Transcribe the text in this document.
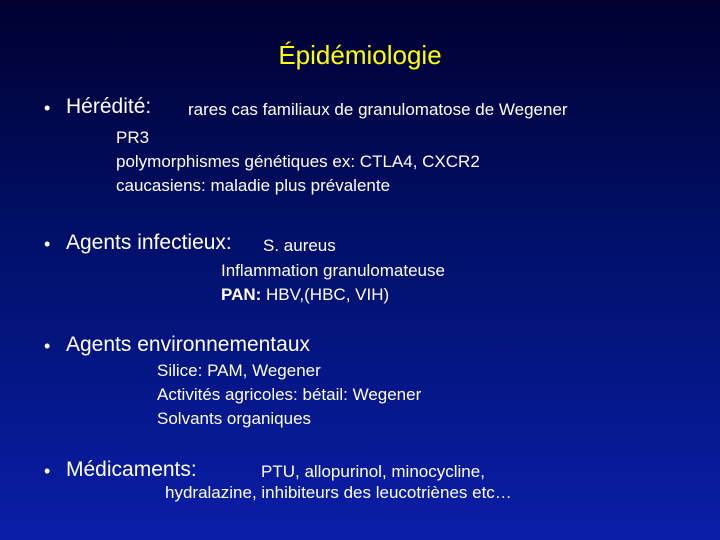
Épidémiologie
• Hérédité: rares cas familiaux de granulomatose de Wegener
PR3
polymorphismes génétiques ex: CTLA4, CXCR2
caucasiens: maladie plus prévalente
• Agents infectieux: S. aureus
Inflammation granulomateuse
PAN: HBV,(HBC, VIH)
• Agents environnementaux
Silice: PAM, Wegener
Activités agricoles: bétail: Wegener
Solvants organiques
• Médicaments:	PTU, allopurinol, minocycline,
hydralazine, inhibiteurs des leucotriènes etc…
